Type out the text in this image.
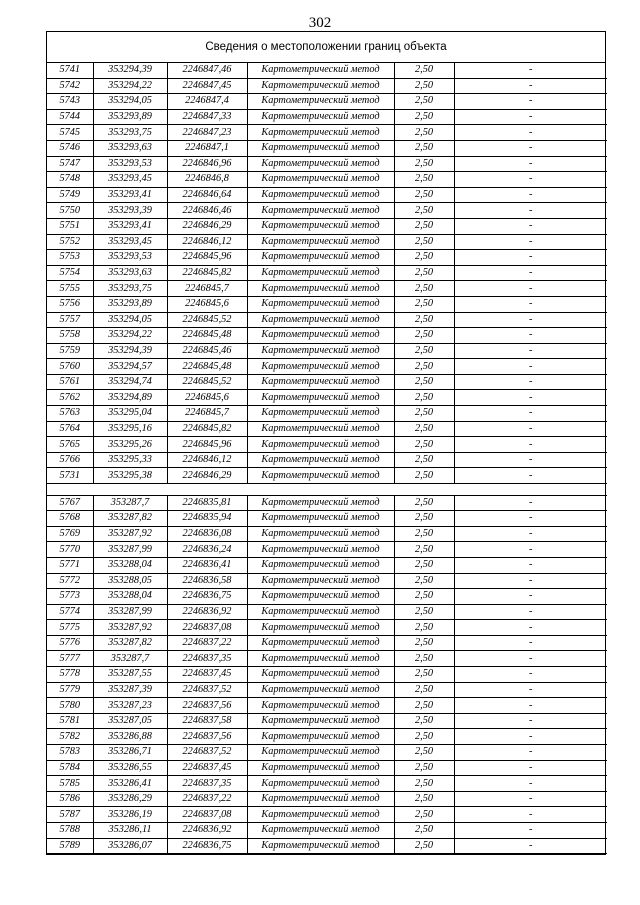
302
Сведения о местоположении границ объекта
5741	353294,39	2246847,46	Картометрический метод	2,50	-
5742	353294,22	2246847,45	Картометрический метод	2,50	-
5743	353294,05	2246847,4	Картометрический метод	2,50	-
5744	353293,89	2246847,33	Картометрический метод	2,50	-
5745	353293,75	2246847,23	Картометрический метод	2,50	-
5746	353293,63	2246847,1	Картометрический метод	2,50	-
5747	353293,53	2246846,96	Картометрический метод	2,50	-
5748	353293,45	2246846,8	Картометрический метод	2,50	-
5749	353293,41	2246846,64	Картометрический метод	2,50	-
5750	353293,39	2246846,46	Картометрический метод	2,50	-
5751	353293,41	2246846,29	Картометрический метод	2,50	-
5752	353293,45	2246846,12	Картометрический метод	2,50	-
5753	353293,53	2246845,96	Картометрический метод	2,50	-
5754	353293,63	2246845,82	Картометрический метод	2,50	-
5755	353293,75	2246845,7	Картометрический метод	2,50	-
5756	353293,89	2246845,6	Картометрический метод	2,50	-
5757	353294,05	2246845,52	Картометрический метод	2,50	-
5758	353294,22	2246845,48	Картометрический метод	2,50	-
5759	353294,39	2246845,46	Картометрический метод	2,50	-
5760	353294,57	2246845,48	Картометрический метод	2,50	-
5761	353294,74	2246845,52	Картометрический метод	2,50	-
5762	353294,89	2246845,6	Картометрический метод	2,50	-
5763	353295,04	2246845,7	Картометрический метод	2,50	-
5764	353295,16	2246845,82	Картометрический метод	2,50	-
5765	353295,26	2246845,96	Картометрический метод	2,50	-
5766	353295,33	2246846,12	Картометрический метод	2,50	-
5731	353295,38	2246846,29	Картометрический метод	2,50	-

5767	353287,7	2246835,81	Картометрический метод	2,50	-
5768	353287,82	2246835,94	Картометрический метод	2,50	-
5769	353287,92	2246836,08	Картометрический метод	2,50	-
5770	353287,99	2246836,24	Картометрический метод	2,50	-
5771	353288,04	2246836,41	Картометрический метод	2,50	-
5772	353288,05	2246836,58	Картометрический метод	2,50	-
5773	353288,04	2246836,75	Картометрический метод	2,50	-
5774	353287,99	2246836,92	Картометрический метод	2,50	-
5775	353287,92	2246837,08	Картометрический метод	2,50	-
5776	353287,82	2246837,22	Картометрический метод	2,50	-
5777	353287,7	2246837,35	Картометрический метод	2,50	-
5778	353287,55	2246837,45	Картометрический метод	2,50	-
5779	353287,39	2246837,52	Картометрический метод	2,50	-
5780	353287,23	2246837,56	Картометрический метод	2,50	-
5781	353287,05	2246837,58	Картометрический метод	2,50	-
5782	353286,88	2246837,56	Картометрический метод	2,50	-
5783	353286,71	2246837,52	Картометрический метод	2,50	-
5784	353286,55	2246837,45	Картометрический метод	2,50	-
5785	353286,41	2246837,35	Картометрический метод	2,50	-
5786	353286,29	2246837,22	Картометрический метод	2,50	-
5787	353286,19	2246837,08	Картометрический метод	2,50	-
5788	353286,11	2246836,92	Картометрический метод	2,50	-
5789	353286,07	2246836,75	Картометрический метод	2,50	-
